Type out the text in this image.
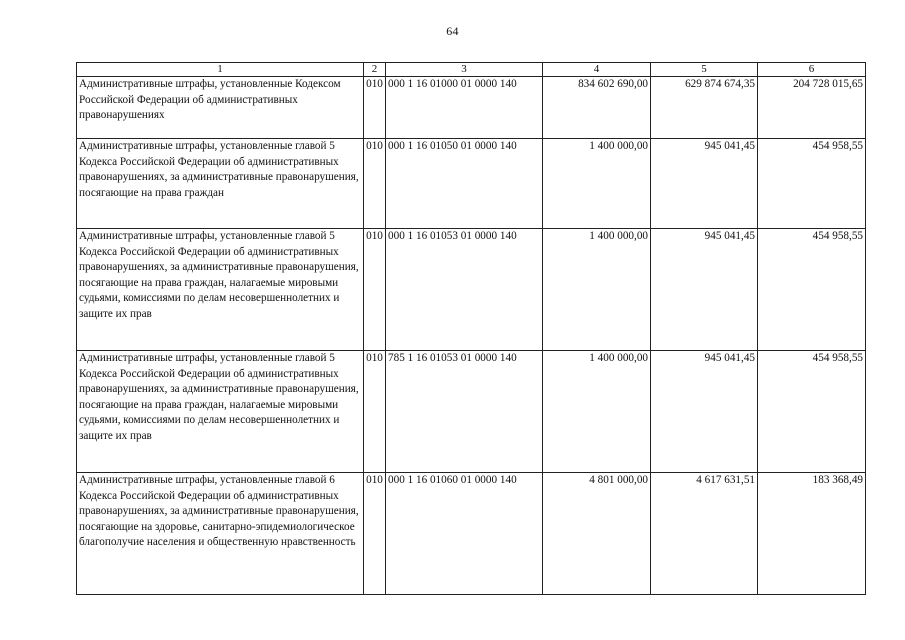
64
1	2	3	4	5	6
Административные штрафы, установленные Кодексом Российской Федерации об административных правонарушениях	010	000 1 16 01000 01 0000 140	834 602 690,00	629 874 674,35	204 728 015,65
Административные штрафы, установленные главой 5 Кодекса Российской Федерации об административных правонарушениях, за административные правонарушения, посягающие на права граждан	010	000 1 16 01050 01 0000 140	1 400 000,00	945 041,45	454 958,55
Административные штрафы, установленные главой 5 Кодекса Российской Федерации об административных правонарушениях, за административные правонарушения, посягающие на права граждан, налагаемые мировыми судьями, комиссиями по делам несовершеннолетних и защите их прав	010	000 1 16 01053 01 0000 140	1 400 000,00	945 041,45	454 958,55
Административные штрафы, установленные главой 5 Кодекса Российской Федерации об административных правонарушениях, за административные правонарушения, посягающие на права граждан, налагаемые мировыми судьями, комиссиями по делам несовершеннолетних и защите их прав	010	785 1 16 01053 01 0000 140	1 400 000,00	945 041,45	454 958,55
Административные штрафы, установленные главой 6 Кодекса Российской Федерации об административных правонарушениях, за административные правонарушения, посягающие на здоровье, санитарно-эпидемиологическое благополучие населения и общественную нравственность	010	000 1 16 01060 01 0000 140	4 801 000,00	4 617 631,51	183 368,49
